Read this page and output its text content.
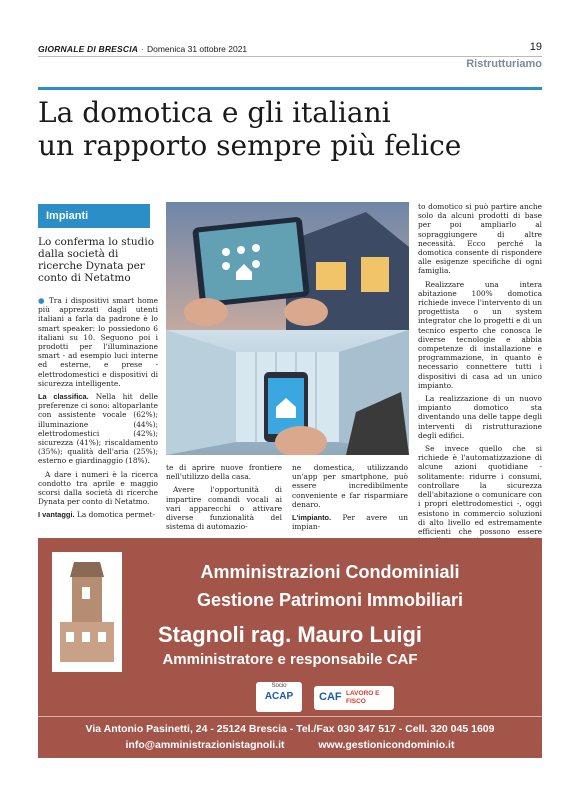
GIORNALE DI BRESCIA · Domenica 31 ottobre 2021	19
Ristrutturiamo
La domotica e gli italiani
un rapporto sempre più felice
Impianti
Lo conferma lo studio dalla società di ricerche Dynata per conto di Netatmo

● Tra i dispositivi smart home più apprezzati dagli utenti italiani a farla da padrone è lo smart speaker: lo possiedono 6 italiani su 10. Seguono poi i prodotti per l'illuminazione smart - ad esempio luci interne ed esterne, e prese - elettrodomestici e dispositivi di sicurezza intelligente.

La classifica. Nella hit delle preferenze ci sono: altoparlante con assistente vocale (62%); illuminazione (44%); elettrodomestici (42%); sicurezza (41%); riscaldamento (35%); qualità dell'aria (25%); esterno e giardinaggio (18%).

A dare i numeri è la ricerca condotto tra aprile e maggio scorsi dalla società di ricerche Dynata per conto di Netatmo.

I vantaggi. La domotica permet-

te di aprire nuove frontiere nell'utilizzo della casa.

Avere l'opportunità di impartire comandi vocali ai vari apparecchi o attivare diverse funzionalità del sistema di automazio-

ne domestica, utilizzando un'app per smartphone, può essere incredibilmente conveniente e far risparmiare denaro.

L'impianto. Per avere un impian-

to domotico si può partire anche solo da alcuni prodotti di base per poi ampliarlo al sopraggiungere di altre necessità. Ecco perché la domotica consente di rispondere alle esigenze specifiche di ogni famiglia.

Realizzare una intera abitazione 100% domotica richiede invece l'intervento di un progettista o un system integrator che lo progetti e di un tecnico esperto che conosca le diverse tecnologie e abbia competenze di installazione e programmazione, in quanto è necessario connettere tutti i dispositivi di casa ad un unico impianto.

La realizzazione di un nuovo impianto domotico sta diventando una delle tappe degli interventi di ristrutturazione degli edifici.

Se invece quello che si richiede è l'automatizzazione di alcune azioni quotidiane - solitamente: ridurre i consumi, controllare la sicurezza dell'abitazione o comunicare con i propri elettrodomestici -, oggi esistono in commercio soluzioni di alto livello ed estremamente efficienti che possono essere

Amministrazioni Condominiali
Gestione Patrimoni Immobiliari
Stagnoli rag. Mauro Luigi
Amministratore e responsabile CAF
Socio
ACAP	CAF LAVORO E FISCO
Via Antonio Pasinetti, 24 - 25124 Brescia - Tel./Fax 030 347 517 - Cell. 320 045 1609
info@amministrazionistagnoli.it	www.gestionicondominio.it
